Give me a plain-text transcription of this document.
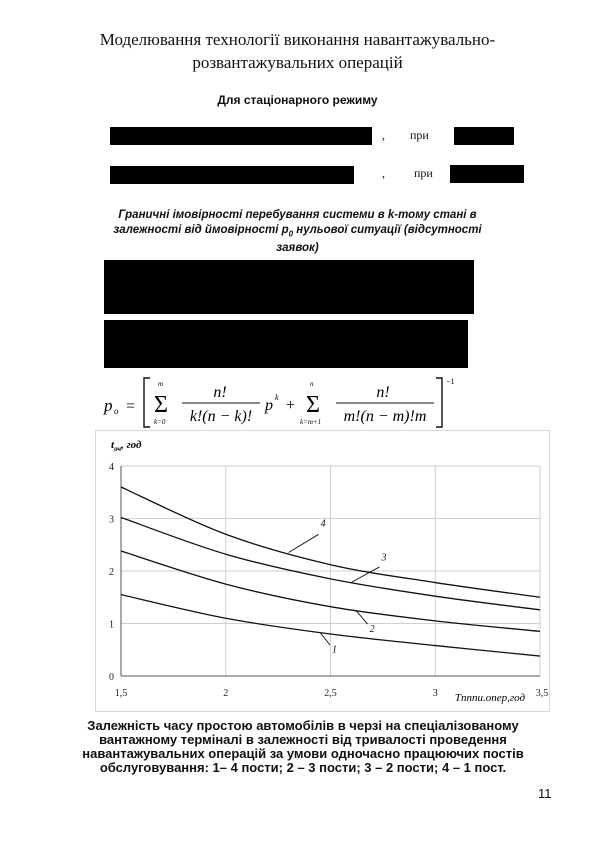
Моделювання технології виконання навантажувально-
розвантажувальних операцій
Для стаціонарного режиму
, при
, при
Граничні імовірності перебування системи в k-тому стані в залежності від ймовірності $p_0$ нульової ситуації (відсутності заявок)
p o =
m
Σ
k=0
n!
k!(n − k)!
p k +
n
Σ
k=m+1
n!
m!(n − m)!m
−1
$t_{оч}$, год
0
1
2
3
4
1,5	2	2,5	3	3,5
1
2
3
4
Tпппи.опер,год
Залежність часу простою автомобілів в черзі на спеціалізованому вантажному терміналі в залежності від тривалості проведення навантажувальних операцій за умови одночасно працюючих постів обслуговування: 1– 4 пости; 2 – 3 пости; 3 – 2 пости; 4 – 1 пост.
11
